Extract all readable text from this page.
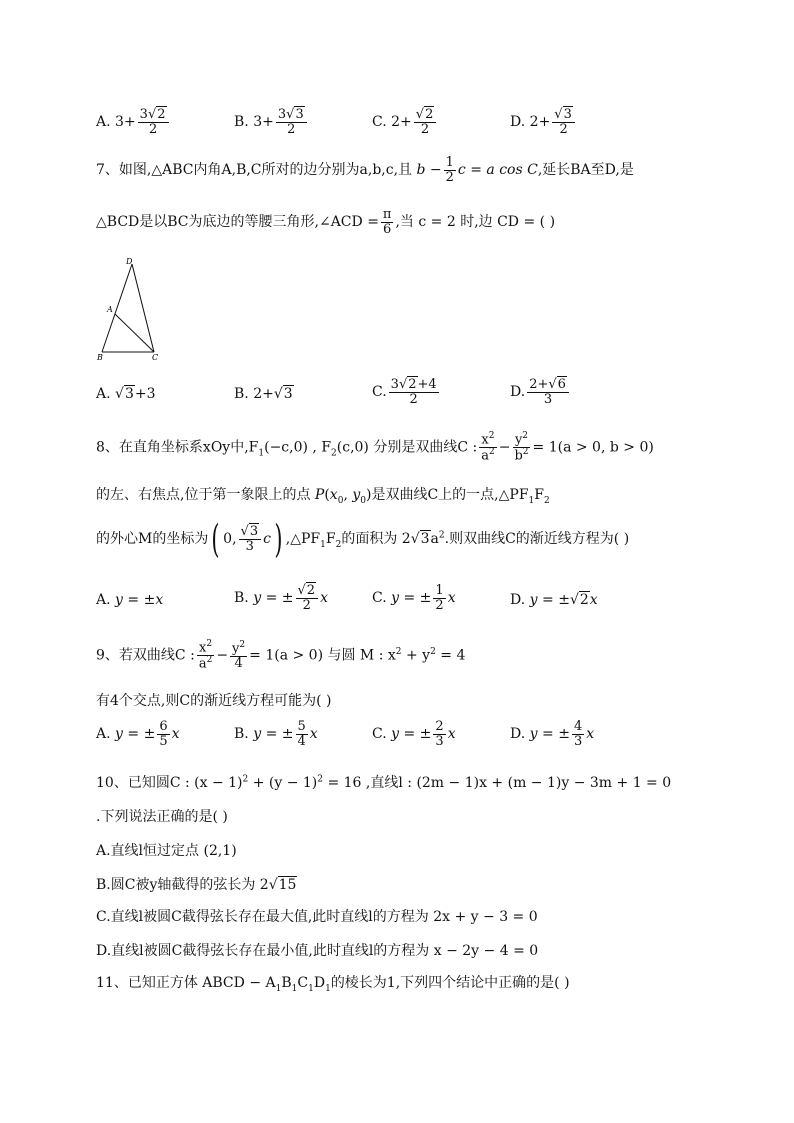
A. $3+ \frac{3√2}{2}$	B. $3+ \frac{3√3}{2}$	C. $2+ \frac{√2}{2}$	D. $2+ \frac{√3}{2}$
7、如图,△ABC内角A,B,C所对的边分别为a,b,c,且 $b - \frac{1}{2}$ c = a cos C,延长BA至D,是
△BCD是以BC为底边的等腰三角形,∠ACD = $\frac{\pi}{6}$ ,当 c = 2 时,边 CD = ( )
D
A
B	C
A. √3+3	B. 2+√3	C. $\frac{3√2+4}{2}$	D. $\frac{2+√6}{3}$
8、在直角坐标系xOy中$,F_1(-c,0)$ , $F_2(c,0)$ 分别是双曲线C : $\frac{x^2}{a^2} - \frac{y^2}{b^2} = 1(a > 0$, b > 0)
的左、右焦点,位于第一象限上的点 $P(x_0$, $y_0$)是双曲线C上的一点$,\triangle PF_1F_2$
的外心M的坐标为( 0, $\frac{√3}{3} c$) $,\triangle PF_1F_2$的面积为 $2√3a^2$.则双曲线C的渐近线方程为( )
A. y = ±x	B. y = ± $\frac{√2}{2}$ x	C. y = ± $\frac{1}{2}$ x	D. y = ±√2x
9、若双曲线C : $\frac{x^2}{a^2} - \frac{y^2}{4} = 1(a > 0)$ 与圆 M : $x^2 + y^2 = 4$
有4个交点,则C的渐近线方程可能为( )
A. y = ± $\frac{6}{5}$ x	B. y = ± $\frac{5}{4}$ x	C. y = ± $\frac{2}{3}$ x	D. y = ± $\frac{4}{3}$ x
10、已知圆C : $(x - 1)^2 + (y - 1)^2 = 16$ ,直线l : (2m − 1)x + (m − 1)y − 3m + 1 = 0
.下列说法正确的是( )
A.直线l恒过定点 (2,1)
B.圆C被y轴截得的弦长为 2√15
C.直线l被圆C截得弦长存在最大值,此时直线l的方程为 2x + y − 3 = 0
D.直线l被圆C截得弦长存在最小值,此时直线l的方程为 x − 2y − 4 = 0
11、已知正方体 ABCD − $A_1B_1C_1D_1$的棱长为1,下列四个结论中正确的是( )
